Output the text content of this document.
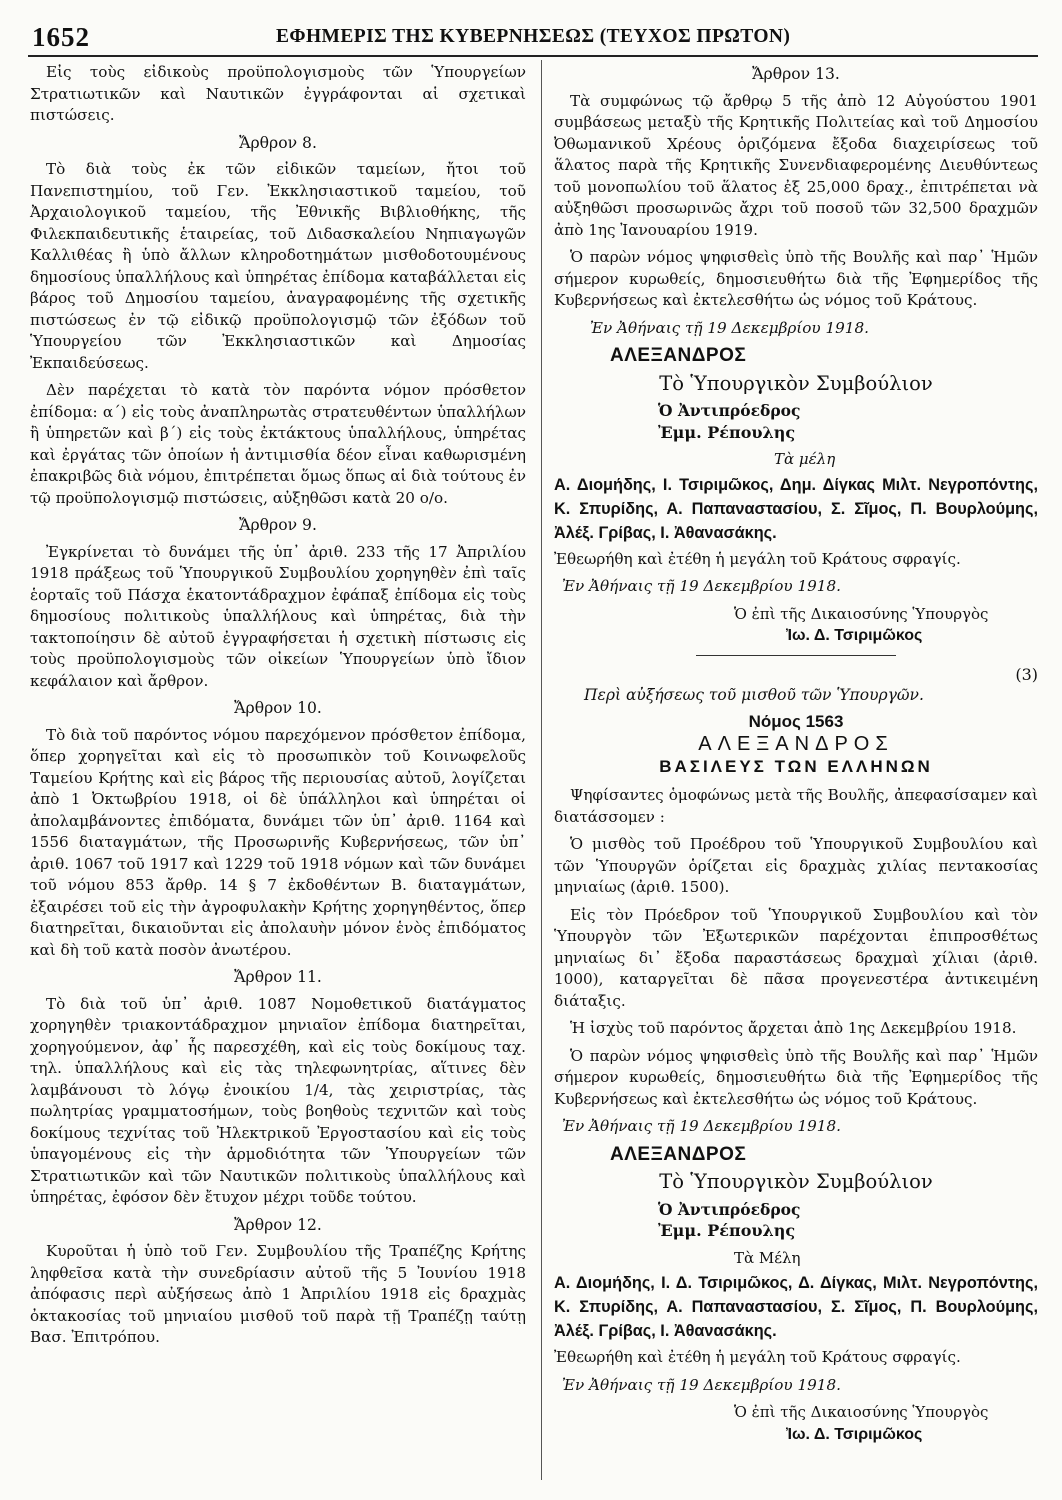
1652	ΕΦΗΜΕΡΙΣ ΤΗΣ ΚΥΒΕΡΝΗΣΕΩΣ (ΤΕΥΧΟΣ ΠΡΩΤΟΝ)

Εἰς τοὺς εἰδικοὺς προϋπολογισμοὺς τῶν Ὑπουργείων Στρατιωτικῶν καὶ Ναυτικῶν ἐγγράφονται αἱ σχετικαὶ πιστώσεις.

Ἄρθρον 8.

Τὸ διὰ τοὺς ἐκ τῶν εἰδικῶν ταμείων, ἤτοι τοῦ Πανεπιστημίου, τοῦ Γεν. Ἐκκλησιαστικοῦ ταμείου, τοῦ Ἀρχαιολογικοῦ ταμείου, τῆς Ἐθνικῆς Βιβλιοθήκης, τῆς Φιλεκπαιδευτικῆς ἑταιρείας, τοῦ Διδασκαλείου Νηπιαγωγῶν Καλλιθέας ἢ ὑπὸ ἄλλων κληροδοτημάτων μισθοδοτουμένους δημοσίους ὑπαλλήλους καὶ ὑπηρέτας ἐπίδομα καταβάλλεται εἰς βάρος τοῦ Δημοσίου ταμείου, ἀναγραφομένης τῆς σχετικῆς πιστώσεως ἐν τῷ εἰδικῷ προϋπολογισμῷ τῶν ἐξόδων τοῦ Ὑπουργείου τῶν Ἐκκλησιαστικῶν καὶ Δημοσίας Ἐκπαιδεύσεως.

Δὲν παρέχεται τὸ κατὰ τὸν παρόντα νόμον πρόσθετον ἐπίδομα: α΄) εἰς τοὺς ἀναπληρωτὰς στρατευθέντων ὑπαλλήλων ἢ ὑπηρετῶν καὶ β΄) εἰς τοὺς ἐκτάκτους ὑπαλλήλους, ὑπηρέτας καὶ ἐργάτας τῶν ὁποίων ἡ ἀντιμισθία δέον εἶναι καθωρισμένη ἐπακριβῶς διὰ νόμου, ἐπιτρέπεται ὅμως ὅπως αἱ διὰ τούτους ἐν τῷ προϋπολογισμῷ πιστώσεις, αὐξηθῶσι κατὰ 20 ο/ο.

Ἄρθρον 9.

Ἐγκρίνεται τὸ δυνάμει τῆς ὑπ᾽ ἀριθ. 233 τῆς 17 Ἀπριλίου 1918 πράξεως τοῦ Ὑπουργικοῦ Συμβουλίου χορηγηθὲν ἐπὶ ταῖς ἑορταῖς τοῦ Πάσχα ἑκατοντάδραχμον ἐφάπαξ ἐπίδομα εἰς τοὺς δημοσίους πολιτικοὺς ὑπαλλήλους καὶ ὑπηρέτας, διὰ τὴν τακτοποίησιν δὲ αὐτοῦ ἐγγραφήσεται ἡ σχετικὴ πίστωσις εἰς τοὺς προϋπολογισμοὺς τῶν οἰκείων Ὑπουργείων ὑπὸ ἴδιον κεφάλαιον καὶ ἄρθρον.

Ἄρθρον 10.

Τὸ διὰ τοῦ παρόντος νόμου παρεχόμενον πρόσθετον ἐπίδομα, ὅπερ χορηγεῖται καὶ εἰς τὸ προσωπικὸν τοῦ Κοινωφελοῦς Ταμείου Κρήτης καὶ εἰς βάρος τῆς περιουσίας αὐτοῦ, λογίζεται ἀπὸ 1 Ὀκτωβρίου 1918, οἱ δὲ ὑπάλληλοι καὶ ὑπηρέται οἱ ἀπολαμβάνοντες ἐπιδόματα, δυνάμει τῶν ὑπ᾽ ἀριθ. 1164 καὶ 1556 διαταγμάτων, τῆς Προσωρινῆς Κυβερνήσεως, τῶν ὑπ᾽ ἀριθ. 1067 τοῦ 1917 καὶ 1229 τοῦ 1918 νόμων καὶ τῶν δυνάμει τοῦ νόμου 853 ἄρθρ. 14 § 7 ἐκδοθέντων Β. διαταγμάτων, ἐξαιρέσει τοῦ εἰς τὴν ἀγροφυλακὴν Κρήτης χορηγηθέντος, ὅπερ διατηρεῖται, δικαιοῦνται εἰς ἀπολαυὴν μόνον ἑνὸς ἐπιδόματος καὶ δὴ τοῦ κατὰ ποσὸν ἀνωτέρου.

Ἄρθρον 11.

Τὸ διὰ τοῦ ὑπ᾽ ἀριθ. 1087 Νομοθετικοῦ διατάγματος χορηγηθὲν τριακοντάδραχμον μηνιαῖον ἐπίδομα διατηρεῖται, χορηγούμενον, ἀφ᾽ ἧς παρεσχέθη, καὶ εἰς τοὺς δοκίμους ταχ. τηλ. ὑπαλλήλους καὶ εἰς τὰς τηλεφωνητρίας, αἵτινες δὲν λαμβάνουσι τὸ λόγῳ ἐνοικίου 1/4, τὰς χειριστρίας, τὰς πωλητρίας γραμματοσήμων, τοὺς βοηθοὺς τεχνιτῶν καὶ τοὺς δοκίμους τεχνίτας τοῦ Ἠλεκτρικοῦ Ἐργοστασίου καὶ εἰς τοὺς ὑπαγομένους εἰς τὴν ἁρμοδιότητα τῶν Ὑπουργείων τῶν Στρατιωτικῶν καὶ τῶν Ναυτικῶν πολιτικοὺς ὑπαλλήλους καὶ ὑπηρέτας, ἐφόσον δὲν ἔτυχον μέχρι τοῦδε τούτου.

Ἄρθρον 12.

Κυροῦται ἡ ὑπὸ τοῦ Γεν. Συμβουλίου τῆς Τραπέζης Κρήτης ληφθεῖσα κατὰ τὴν συνεδρίασιν αὐτοῦ τῆς 5 Ἰουνίου 1918 ἀπόφασις περὶ αὐξήσεως ἀπὸ 1 Ἀπριλίου 1918 εἰς δραχμὰς ὀκτακοσίας τοῦ μηνιαίου μισθοῦ τοῦ παρὰ τῇ Τραπέζῃ ταύτῃ Βασ. Ἐπιτρόπου.

Ἄρθρον 13.

Τὰ συμφώνως τῷ ἄρθρῳ 5 τῆς ἀπὸ 12 Αὐγούστου 1901 συμβάσεως μεταξὺ τῆς Κρητικῆς Πολιτείας καὶ τοῦ Δημοσίου Ὀθωμανικοῦ Χρέους ὁριζόμενα ἔξοδα διαχειρίσεως τοῦ ἅλατος παρὰ τῆς Κρητικῆς Συνενδιαφερομένης Διευθύντεως τοῦ μονοπωλίου τοῦ ἅλατος ἐξ 25,000 δραχ., ἐπιτρέπεται νὰ αὐξηθῶσι προσωρινῶς ἄχρι τοῦ ποσοῦ τῶν 32,500 δραχμῶν ἀπὸ 1ης Ἰανουαρίου 1919.

Ὁ παρὼν νόμος ψηφισθεὶς ὑπὸ τῆς Βουλῆς καὶ παρ᾽ Ἡμῶν σήμερον κυρωθείς, δημοσιευθήτω διὰ τῆς Ἐφημερίδος τῆς Κυβερνήσεως καὶ ἐκτελεσθήτω ὡς νόμος τοῦ Κράτους.

Ἐν Ἀθήναις τῇ 19 Δεκεμβρίου 1918.
ΑΛΕΞΑΝΔΡΟΣ
Τὸ Ὑπουργικὸν Συμβούλιον
Ὁ Ἀντιπρόεδρος
Ἐμμ. Ρέπουλης
Τὰ μέλη
Α. Διομήδης, Ι. Τσιριμῶκος, Δημ. Δίγκας Μιλτ. Νεγροπόντης, Κ. Σπυρίδης, Α. Παπαναστασίου, Σ. Σῖμος, Π. Βουρλούμης, Ἀλέξ. Γρίβας, Ι. Ἀθανασάκης.

Ἐθεωρήθη καὶ ἐτέθη ἡ μεγάλη τοῦ Κράτους σφραγίς.

Ἐν Ἀθήναις τῇ 19 Δεκεμβρίου 1918.
Ὁ ἐπὶ τῆς Δικαιοσύνης Ὑπουργὸς
Ἰω. Δ. Τσιριμῶκος
(3)
Περὶ αὐξήσεως τοῦ μισθοῦ τῶν Ὑπουργῶν.
Νόμος 1563
ΑΛΕΞΑΝΔΡΟΣ
ΒΑΣΙΛΕΥΣ ΤΩΝ ΕΛΛΗΝΩΝ

Ψηφίσαντες ὁμοφώνως μετὰ τῆς Βουλῆς, ἀπεφασίσαμεν καὶ διατάσσομεν :

Ὁ μισθὸς τοῦ Προέδρου τοῦ Ὑπουργικοῦ Συμβουλίου καὶ τῶν Ὑπουργῶν ὁρίζεται εἰς δραχμὰς χιλίας πεντακοσίας μηνιαίως (ἀριθ. 1500).

Εἰς τὸν Πρόεδρον τοῦ Ὑπουργικοῦ Συμβουλίου καὶ τὸν Ὑπουργὸν τῶν Ἐξωτερικῶν παρέχονται ἐπιπροσθέτως μηνιαίως δι᾽ ἔξοδα παραστάσεως δραχμαὶ χίλιαι (ἀριθ. 1000), καταργεῖται δὲ πᾶσα προγενεστέρα ἀντικειμένη διάταξις.

Ἡ ἰσχὺς τοῦ παρόντος ἄρχεται ἀπὸ 1ης Δεκεμβρίου 1918.

Ὁ παρὼν νόμος ψηφισθεὶς ὑπὸ τῆς Βουλῆς καὶ παρ᾽ Ἡμῶν σήμερον κυρωθείς, δημοσιευθήτω διὰ τῆς Ἐφημερίδος τῆς Κυβερνήσεως καὶ ἐκτελεσθήτω ὡς νόμος τοῦ Κράτους.

Ἐν Ἀθήναις τῇ 19 Δεκεμβρίου 1918.
ΑΛΕΞΑΝΔΡΟΣ
Τὸ Ὑπουργικὸν Συμβούλιον
Ὁ Ἀντιπρόεδρος
Ἐμμ. Ρέπουλης
Τὰ Μέλη
Α. Διομήδης, Ι. Δ. Τσιριμῶκος, Δ. Δίγκας, Μιλτ. Νεγροπόντης, Κ. Σπυρίδης, Α. Παπαναστασίου, Σ. Σῖμος, Π. Βουρλούμης, Ἀλέξ. Γρίβας, Ι. Ἀθανασάκης.

Ἐθεωρήθη καὶ ἐτέθη ἡ μεγάλη τοῦ Κράτους σφραγίς.

Ἐν Ἀθήναις τῇ 19 Δεκεμβρίου 1918.
Ὁ ἐπὶ τῆς Δικαιοσύνης Ὑπουργὸς
Ἰω. Δ. Τσιριμῶκος
